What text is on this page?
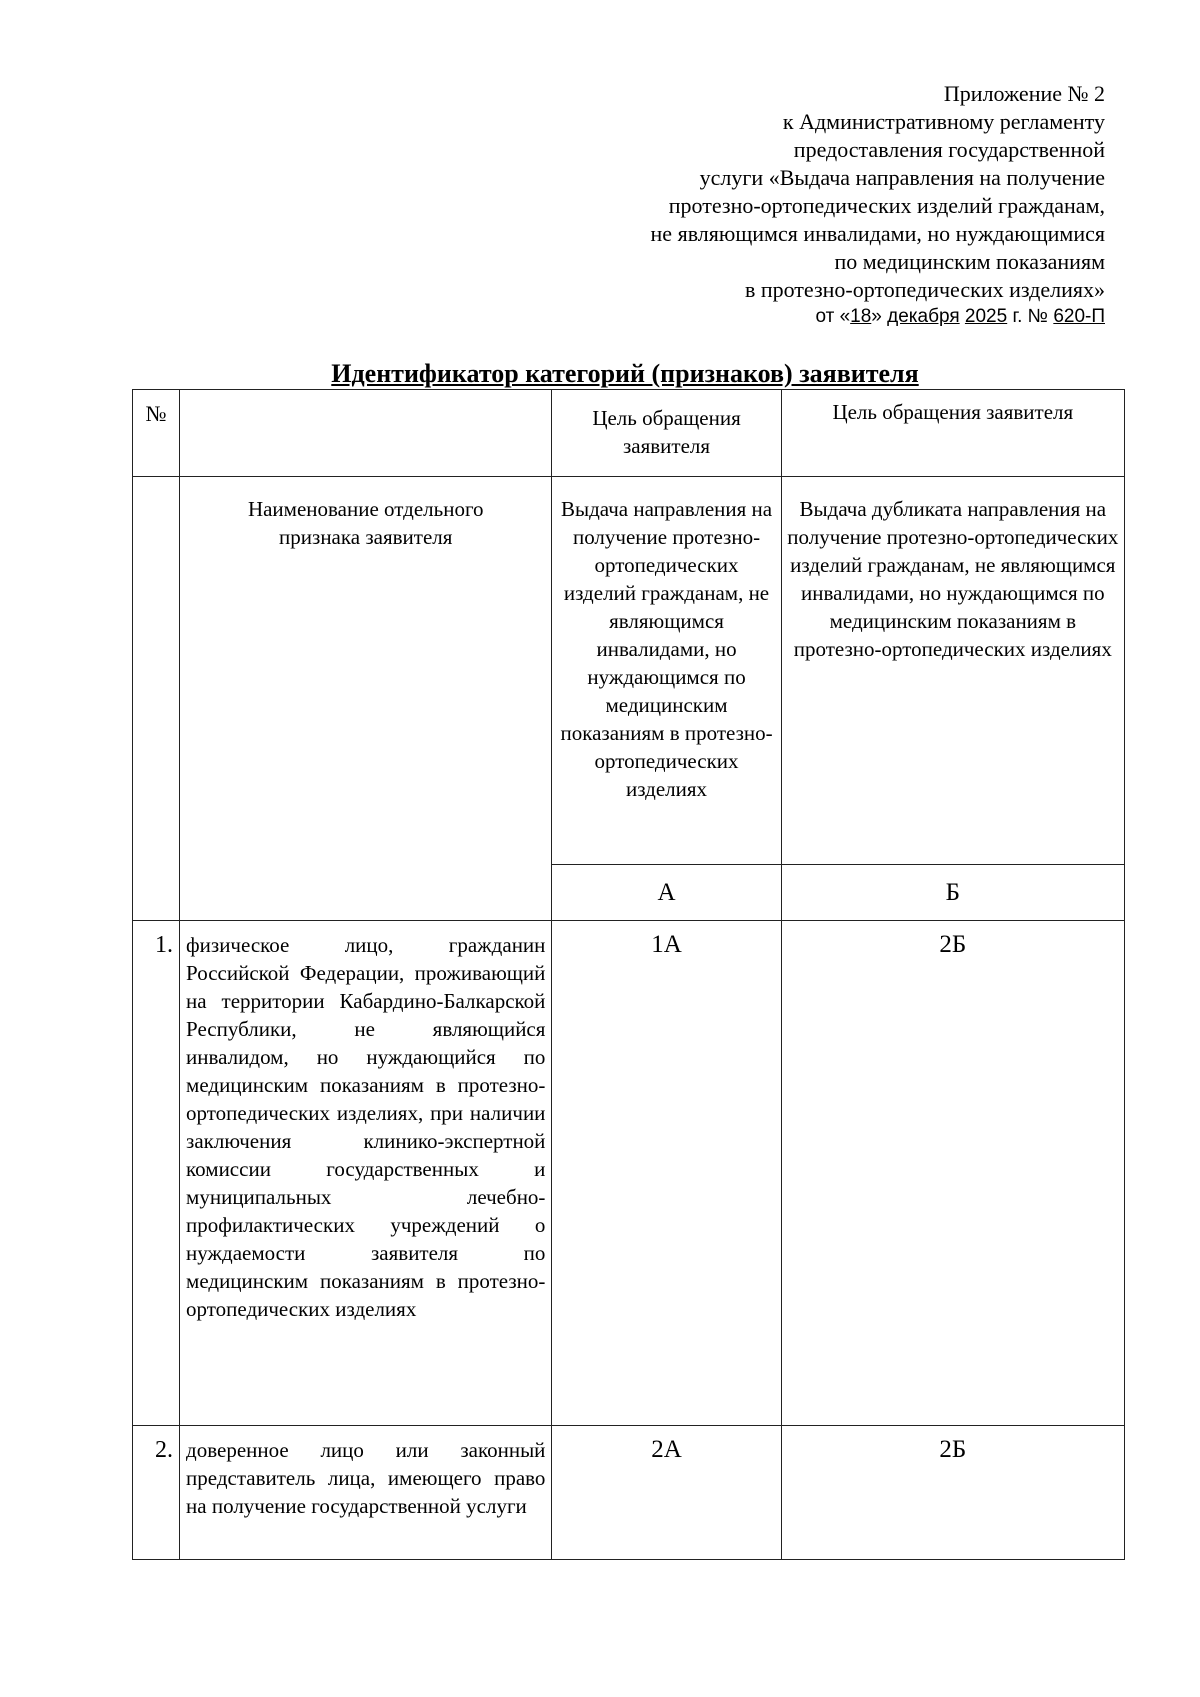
Приложение № 2
к Административному регламенту
предоставления государственной
услуги «Выдача направления на получение
протезно-ортопедических изделий гражданам,
не являющимся инвалидами, но нуждающимися
по медицинским показаниям
в протезно-ортопедических изделиях»
от «18» декабря 2025 г. № 620-П
Идентификатор категорий (признаков) заявителя
№		Цель обращения заявителя	Цель обращения заявителя

	Наименование отдельного признака заявителя	Выдача направления на получение протезно-ортопедических изделий гражданам, не являющимся инвалидами, но нуждающимся по медицинским показаниям в протезно-ортопедических изделиях	Выдача дубликата направления на получение протезно-ортопедических изделий гражданам, не являющимся инвалидами, но нуждающимся по медицинским показаниям в протезно-ортопедических изделиях
		А	Б
1.	физическое лицо, гражданин Российской Федерации, проживающий на территории Кабардино-Балкарской Республики, не являющийся инвалидом, но нуждающийся по медицинским показаниям в протезно-ортопедических изделиях, при наличии заключения клинико-экспертной комиссии государственных и муниципальных лечебно-профилактических учреждений о нуждаемости заявителя по медицинским показаниям в протезно-ортопедических изделиях	1А	2Б
2.	доверенное лицо или законный представитель лица, имеющего право на получение государственной услуги	2А	2Б
